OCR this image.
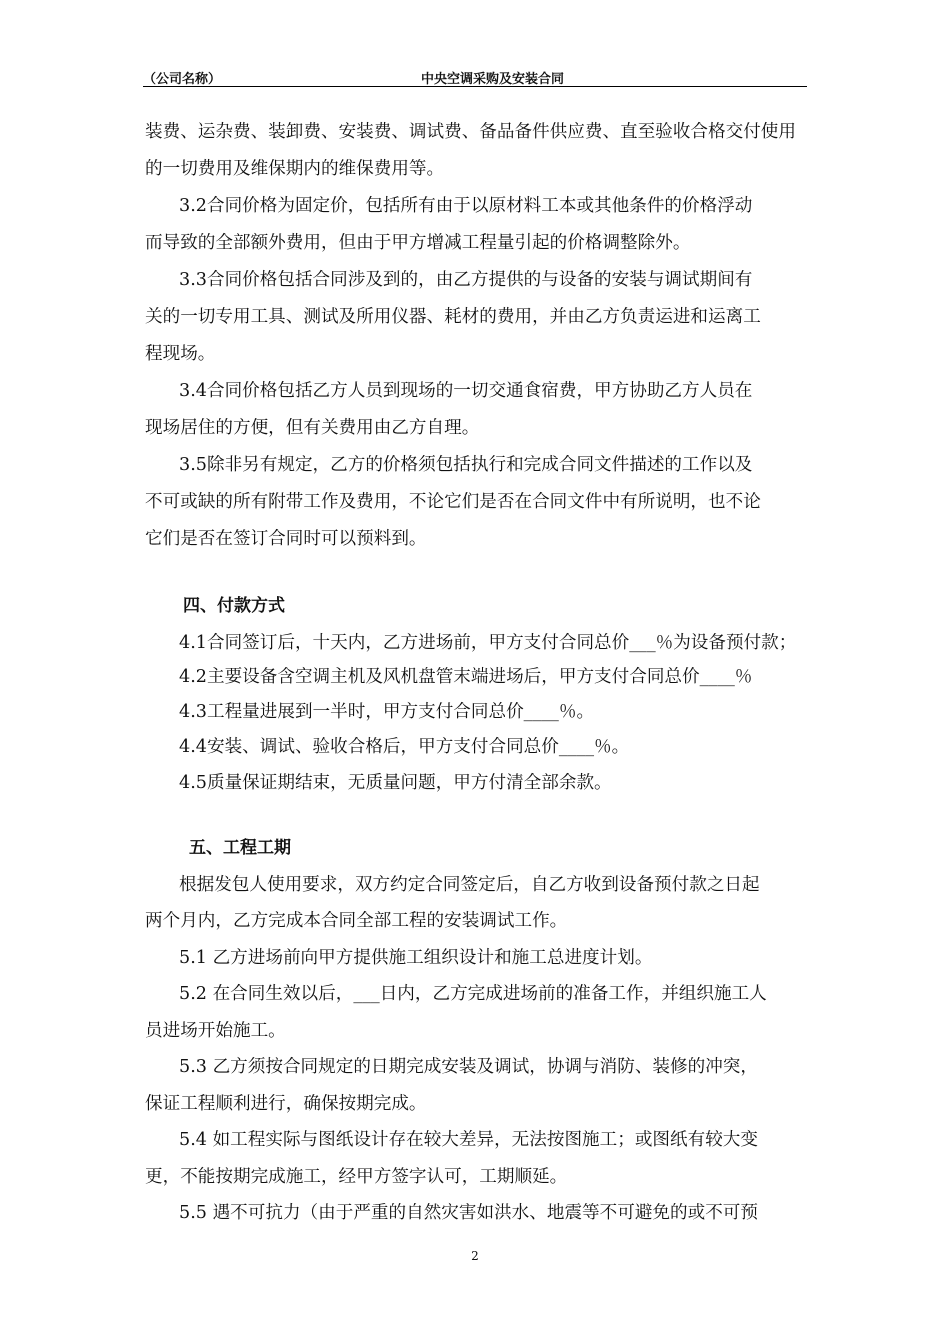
（公司名称）	中央空调采购及安装合同
装费、运杂费、装卸费、安装费、调试费、备品备件供应费、直至验收合格交付使用
的一切费用及维保期内的维保费用等。
3.2合同价格为固定价，包括所有由于以原材料工本或其他条件的价格浮动
而导致的全部额外费用，但由于甲方增减工程量引起的价格调整除外。
3.3合同价格包括合同涉及到的，由乙方提供的与设备的安装与调试期间有
关的一切专用工具、测试及所用仪器、耗材的费用，并由乙方负责运进和运离工
程现场。
3.4合同价格包括乙方人员到现场的一切交通食宿费，甲方协助乙方人员在
现场居住的方便，但有关费用由乙方自理。
3.5除非另有规定，乙方的价格须包括执行和完成合同文件描述的工作以及
不可或缺的所有附带工作及费用，不论它们是否在合同文件中有所说明，也不论
它们是否在签订合同时可以预料到。
四、付款方式
4.1合同签订后，十天内，乙方进场前，甲方支付合同总价___％为设备预付款；
4.2主要设备含空调主机及风机盘管末端进场后，甲方支付合同总价____％
4.3工程量进展到一半时，甲方支付合同总价____％。
4.4安装、调试、验收合格后，甲方支付合同总价____％。
4.5质量保证期结束，无质量问题，甲方付清全部余款。
五、工程工期
根据发包人使用要求，双方约定合同签定后，自乙方收到设备预付款之日起
两个月内，乙方完成本合同全部工程的安装调试工作。
5.1 乙方进场前向甲方提供施工组织设计和施工总进度计划。
5.2 在合同生效以后，___日内，乙方完成进场前的准备工作，并组织施工人
员进场开始施工。
5.3 乙方须按合同规定的日期完成安装及调试，协调与消防、装修的冲突，
保证工程顺利进行，确保按期完成。
5.4 如工程实际与图纸设计存在较大差异，无法按图施工；或图纸有较大变
更，不能按期完成施工，经甲方签字认可，工期顺延。
5.5 遇不可抗力（由于严重的自然灾害如洪水、地震等不可避免的或不可预
2
